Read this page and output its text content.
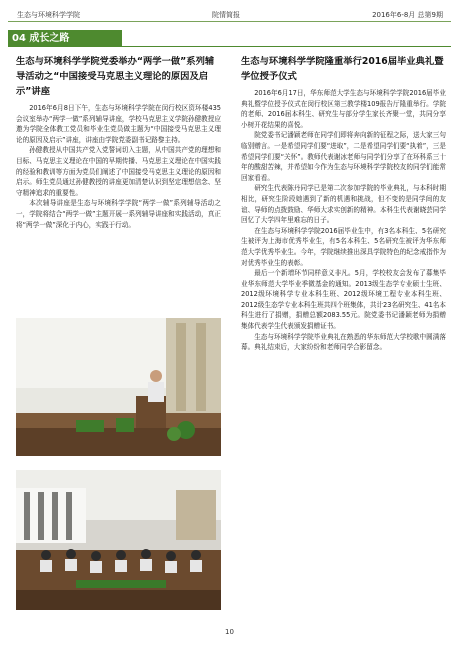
生态与环境科学学院	院情简报	2016年6-8月 总第9期
04 成长之路
生态与环境科学学院党委举办“两学一做”系列辅导活动之“中国接受马克思主义理论的原因及启示”讲座

2016年6月8日下午，生态与环境科学学院在闵行校区资环楼435会议室举办“两学一做”系列辅导讲座，学校马克思主义学院孙健教授应邀为学院全体教工党员和毕业生党员做主题为“中国接受马克思主义理论的原因及启示”讲座，讲座由学院党委副书记路黎主持。

孙健教授从中国共产党入党誓词切入主题，从中国共产党的理想和目标、马克思主义理论在中国的早期传播、马克思主义理论在中国实践的经验和教训等方面为党员们阐述了中国接受马克思主义理论的原因和启示。师生党员通过孙健教授的讲座更加清楚认识到坚定理想信念、坚守精神追求的重要性。

本次辅导讲座是生态与环境科学学院“两学一做”系列辅导活动之一，学院将结合“两学一做”主题开展一系列辅导讲座和实践活动，真正将“两学一做”深化于内心，实践于行动。

生态与环境科学学院隆重举行2016届毕业典礼暨学位授予仪式

2016年6月17日，华东师范大学生态与环境科学学院2016届毕业典礼暨学位授予仪式在闵行校区第三教学楼109报告厅隆重举行。学院的老师、2016届本科生、研究生与部分学生家长齐聚一堂，共同分享小树开花结果的喜悦。

院党委书记潘颖老师在同学们即将奔向新的征程之际，送大家三句临别赠言。一是希望同学们要“进取”，二是希望同学们要“执着”，三是希望同学们要“关怀”。教师代表谢冰老师与同学们分享了在环科系三十年的酸甜苦辣，并希望如今作为生态与环境科学学院校友的同学们能常回家看看。

研究生代表陈丹同学已是第二次参加学院的毕业典礼，与本科时期相比，研究生阶段她遇到了新的机遇和挑战，但不变的是同学间的友谊、导师的点拨鼓励、华师大求实创新的精神。本科生代表谢晓芸同学回忆了大学四年里难忘的日子。

在生态与环境科学学院2016届毕业生中，有3名本科生、5名研究生被评为上海市优秀毕业生，有5名本科生、5名研究生被评为华东师范大学优秀毕业生。今年，学院继续推出深具学院特色的纪念戒指作为对优秀毕业生的表彰。

最后一个新增环节同样意义非凡。5月，学校校友会发布了募集毕业华东师范大学毕业季微基金的通知。2013级生态学专业硕士生班、2012级环境科学专业本科生班、2012级环境工程专业本科生班、2012级生态学专业本科生班共四个班集体，共计23名研究生、41名本科生进行了捐赠，捐赠总额2083.55元。院党委书记潘颖老师为捐赠集体代表学生代表颁发捐赠证书。

生态与环境科学学院毕业典礼在熟悉的华东师范大学校歌中圆满落幕。典礼结束后，大家纷纷和老师同学合影留念。

10
